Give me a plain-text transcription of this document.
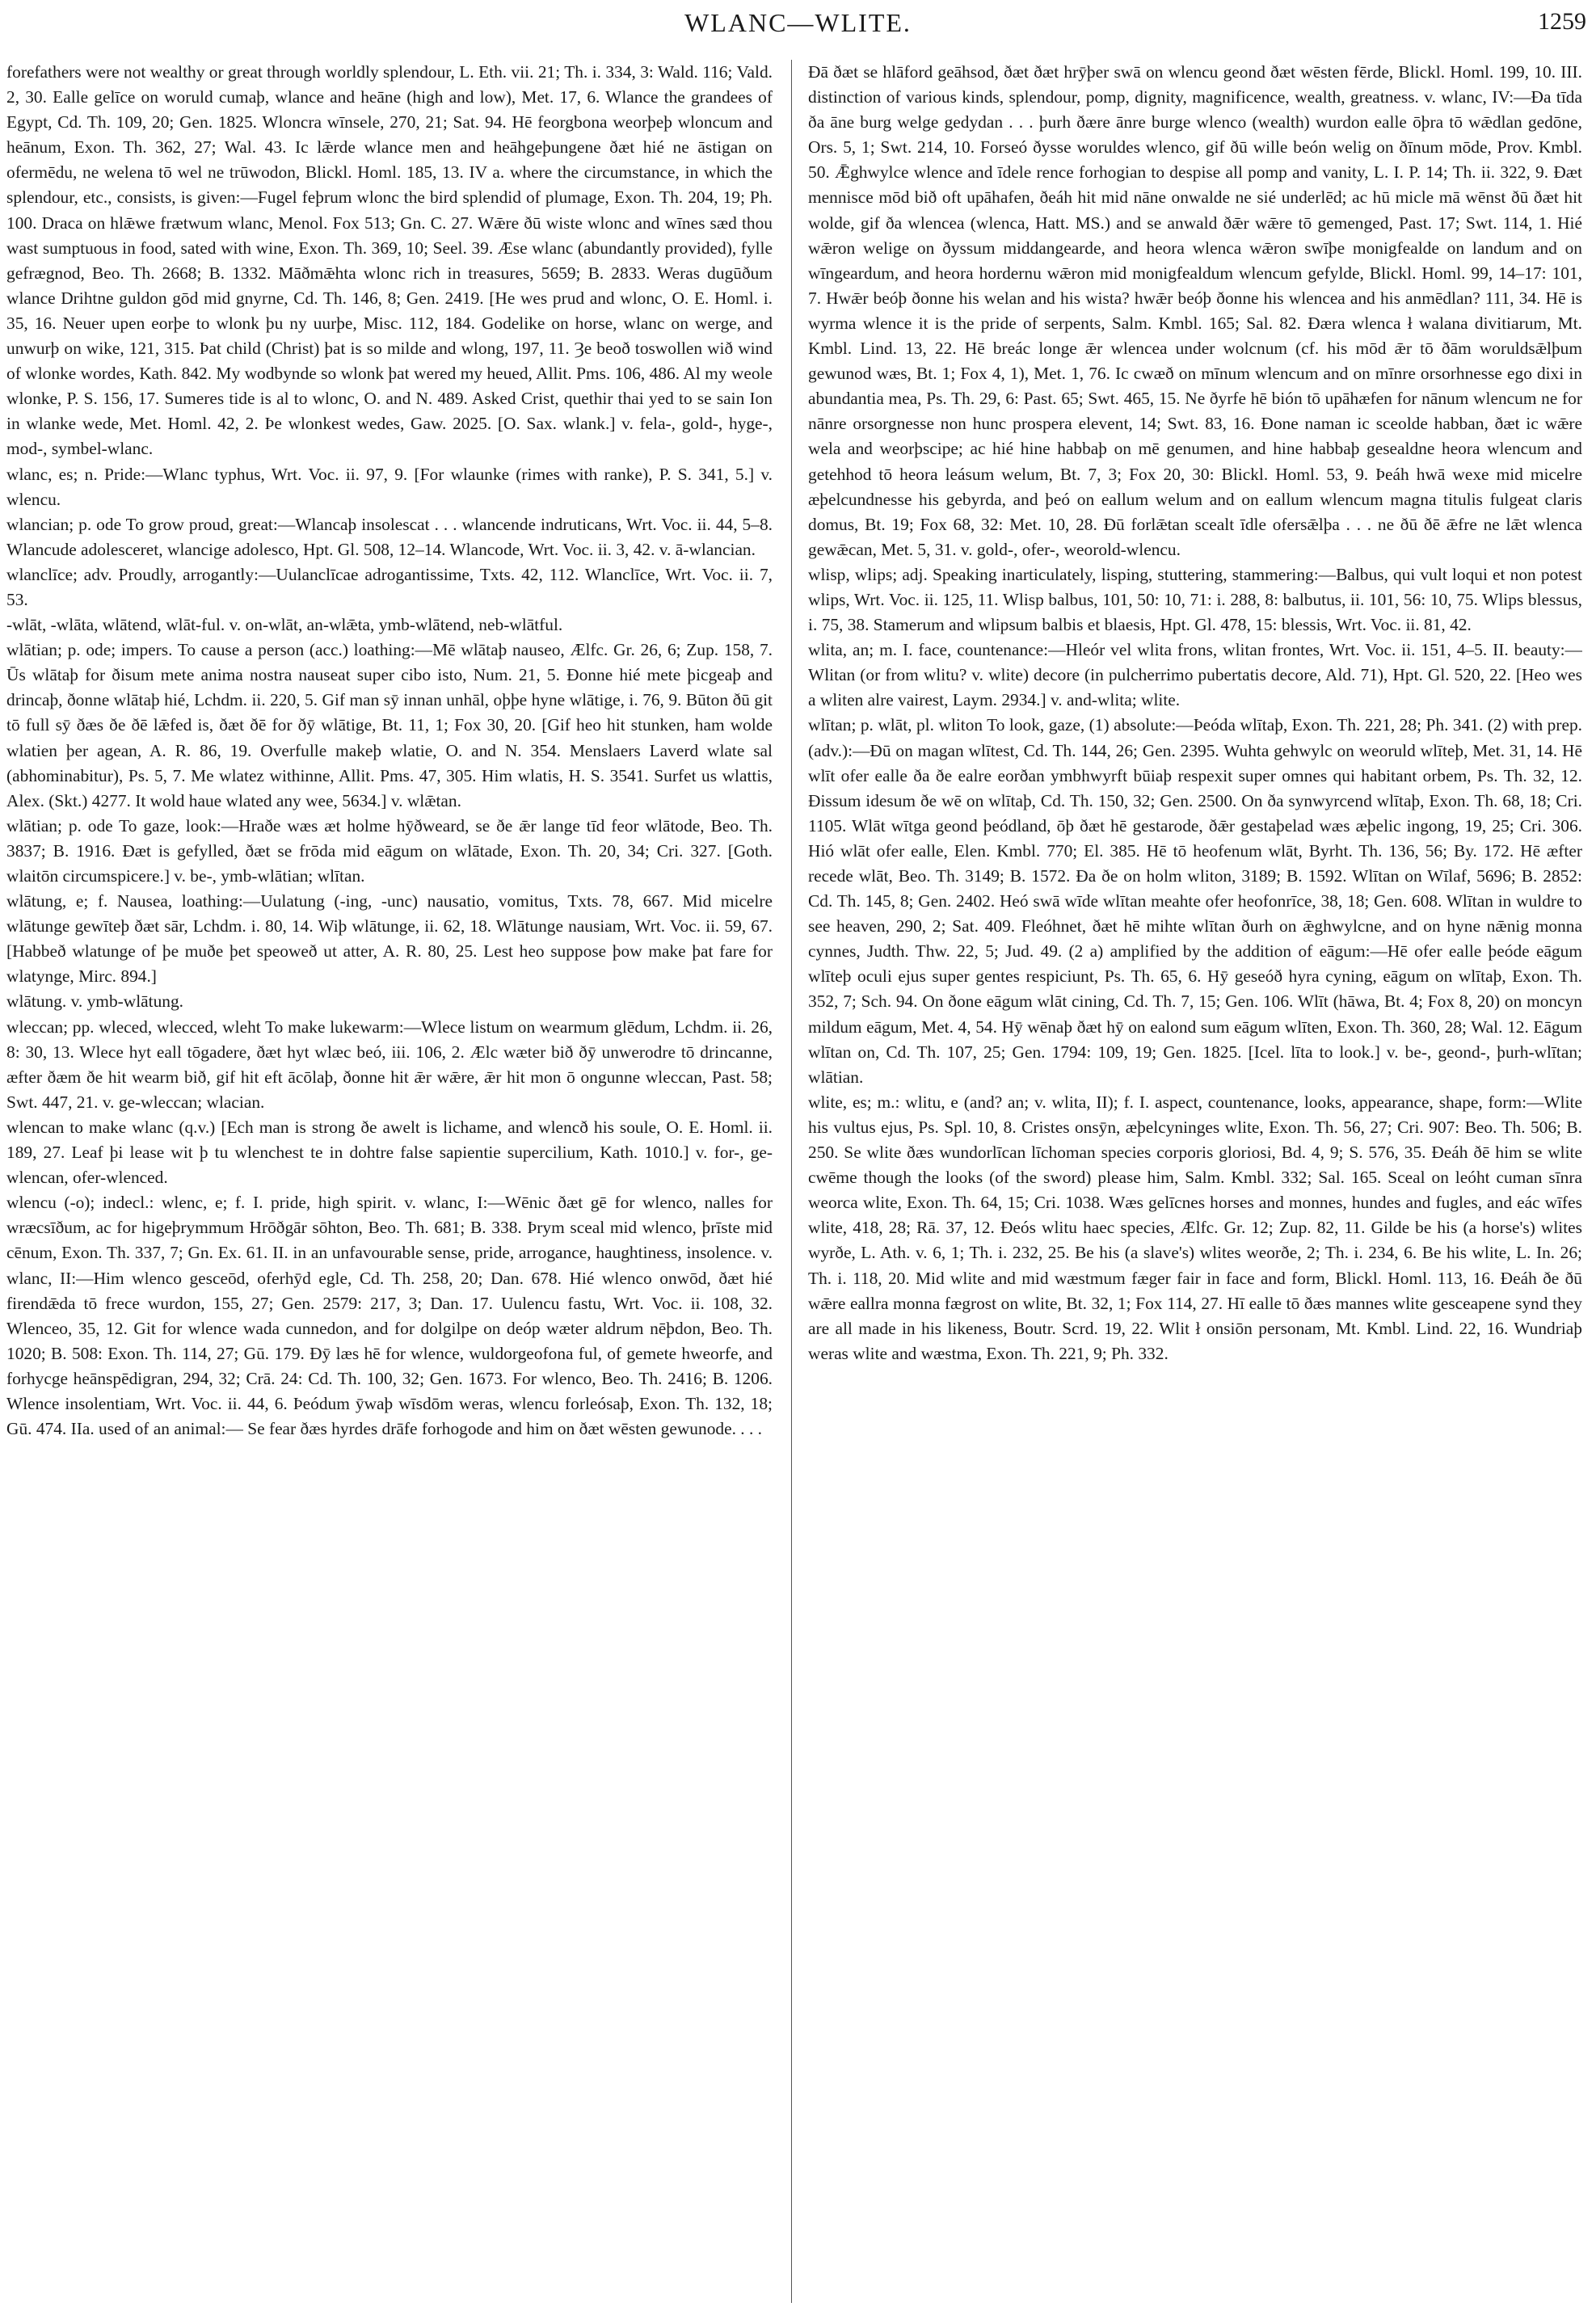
WLANC—WLITE.	1259

forefathers were not wealthy or great through worldly splendour, L. Eth. vii. 21; Th. i. 334, 3: Wald. 116; Vald. 2, 30. Ealle gelīce on woruld cumaþ, wlance and heāne (high and low), Met. 17, 6. Wlance the grandees of Egypt, Cd. Th. 109, 20; Gen. 1825. Wloncra wīnsele, 270, 21; Sat. 94. Hē feorgbona weorþeþ wloncum and heānum, Exon. Th. 362, 27; Wal. 43. Ic lǣrde wlance men and heāhgeþungene ðæt hié ne āstigan on ofermēdu, ne welena tō wel ne trūwodon, Blickl. Homl. 185, 13. IV a. where the circumstance, in which the splendour, etc., consists, is given:—Fugel feþrum wlonc the bird splendid of plumage, Exon. Th. 204, 19; Ph. 100. Draca on hlǣwe frætwum wlanc, Menol. Fox 513; Gn. C. 27. Wǣre ðū wiste wlonc and wīnes sæd thou wast sumptuous in food, sated with wine, Exon. Th. 369, 10; Seel. 39. Æse wlanc (abundantly provided), fylle gefrægnod, Beo. Th. 2668; B. 1332. Māðmǣhta wlonc rich in treasures, 5659; B. 2833. Weras dugūðum wlance Drihtne guldon gōd mid gnyrne, Cd. Th. 146, 8; Gen. 2419. [He wes prud and wlonc, O. E. Homl. i. 35, 16. Neuer upen eorþe to wlonk þu ny uurþe, Misc. 112, 184. Godelike on horse, wlanc on werge, and unwurþ on wike, 121, 315. Þat child (Christ) þat is so milde and wlong, 197, 11. Ȝe beoð toswollen wið wind of wlonke wordes, Kath. 842. My wodbynde so wlonk þat wered my heued, Allit. Pms. 106, 486. Al my weole wlonke, P. S. 156, 17. Sumeres tide is al to wlonc, O. and N. 489. Asked Crist, quethir thai yed to se sain Ion in wlanke wede, Met. Homl. 42, 2. Þe wlonkest wedes, Gaw. 2025. [O. Sax. wlank.] v. fela-, gold-, hyge-, mod-, symbel-wlanc.

wlanc, es; n. Pride:—Wlanc typhus, Wrt. Voc. ii. 97, 9. [For wlaunke (rimes with ranke), P. S. 341, 5.] v. wlencu.

wlancian; p. ode To grow proud, great:—Wlancaþ insolescat . . . wlancende indruticans, Wrt. Voc. ii. 44, 5–8. Wlancude adolesceret, wlancige adolesco, Hpt. Gl. 508, 12–14. Wlancode, Wrt. Voc. ii. 3, 42. v. ā-wlancian.

wlanclīce; adv. Proudly, arrogantly:—Uulanclīcae adrogantissime, Txts. 42, 112. Wlanclīce, Wrt. Voc. ii. 7, 53.

-wlāt, -wlāta, wlātend, wlāt-ful. v. on-wlāt, an-wlǣta, ymb-wlātend, neb-wlātful.

wlātian; p. ode; impers. To cause a person (acc.) loathing:—Mē wlātaþ nauseo, Ælfc. Gr. 26, 6; Zup. 158, 7. Ūs wlātaþ for ðisum mete anima nostra nauseat super cibo isto, Num. 21, 5. Ðonne hié mete þicgeaþ and drincaþ, ðonne wlātaþ hié, Lchdm. ii. 220, 5. Gif man sȳ innan unhāl, oþþe hyne wlātige, i. 76, 9. Būton ðū git tō full sȳ ðæs ðe ðē lǣfed is, ðæt ðē for ðȳ wlātige, Bt. 11, 1; Fox 30, 20. [Gif heo hit stunken, ham wolde wlatien þer agean, A. R. 86, 19. Overfulle makeþ wlatie, O. and N. 354. Menslaers Laverd wlate sal (abhominabitur), Ps. 5, 7. Me wlatez withinne, Allit. Pms. 47, 305. Him wlatis, H. S. 3541. Surfet us wlattis, Alex. (Skt.) 4277. It wold haue wlated any wee, 5634.] v. wlǣtan.

wlātian; p. ode To gaze, look:—Hraðe wæs æt holme hȳðweard, se ðe ǣr lange tīd feor wlātode, Beo. Th. 3837; B. 1916. Ðæt is gefylled, ðæt se frōda mid eāgum on wlātade, Exon. Th. 20, 34; Cri. 327. [Goth. wlaitōn circumspicere.] v. be-, ymb-wlātian; wlītan.

wlātung, e; f. Nausea, loathing:—Uulatung (-ing, -unc) nausatio, vomitus, Txts. 78, 667. Mid micelre wlātunge gewīteþ ðæt sār, Lchdm. i. 80, 14. Wiþ wlātunge, ii. 62, 18. Wlātunge nausiam, Wrt. Voc. ii. 59, 67. [Habbeð wlatunge of þe muðe þet speoweð ut atter, A. R. 80, 25. Lest heo suppose þow make þat fare for wlatynge, Mirc. 894.]

wlātung. v. ymb-wlātung.

wleccan; pp. wleced, wlecced, wleht To make lukewarm:—Wlece listum on wearmum glēdum, Lchdm. ii. 26, 8: 30, 13. Wlece hyt eall tōgadere, ðæt hyt wlæc beó, iii. 106, 2. Ælc wæter bið ðȳ unwerodre tō drincanne, æfter ðæm ðe hit wearm bið, gif hit eft ācōlaþ, ðonne hit ǣr wǣre, ǣr hit mon ō ongunne wleccan, Past. 58; Swt. 447, 21. v. ge-wleccan; wlacian.

wlencan to make wlanc (q.v.) [Ech man is strong ðe awelt is lichame, and wlencð his soule, O. E. Homl. ii. 189, 27. Leaf þi lease wit þ tu wlenchest te in dohtre false sapientie supercilium, Kath. 1010.] v. for-, ge-wlencan, ofer-wlenced.

wlencu (-o); indecl.: wlenc, e; f. I. pride, high spirit. v. wlanc, I:—Wēnic ðæt gē for wlenco, nalles for wræcsīðum, ac for higeþrymmum Hrōðgār sōhton, Beo. Th. 681; B. 338. Þrym sceal mid wlenco, þrīste mid cēnum, Exon. Th. 337, 7; Gn. Ex. 61. II. in an unfavourable sense, pride, arrogance, haughtiness, insolence. v. wlanc, II:—Him wlenco gesceōd, oferhȳd egle, Cd. Th. 258, 20; Dan. 678. Hié wlenco onwōd, ðæt hié firendǣda tō frece wurdon, 155, 27; Gen. 2579: 217, 3; Dan. 17. Uulencu fastu, Wrt. Voc. ii. 108, 32. Wlenceo, 35, 12. Git for wlence wada cunnedon, and for dolgilpe on deóp wæter aldrum nēþdon, Beo. Th. 1020; B. 508: Exon. Th. 114, 27; Gū. 179. Ðȳ læs hē for wlence, wuldorgeofona ful, of gemete hweorfe, and forhycge heānspēdigran, 294, 32; Crā. 24: Cd. Th. 100, 32; Gen. 1673. For wlenco, Beo. Th. 2416; B. 1206. Wlence insolentiam, Wrt. Voc. ii. 44, 6. Þeódum ȳwaþ wīsdōm weras, wlencu forleósaþ, Exon. Th. 132, 18; Gū. 474. IIa. used of an animal:— Se fear ðæs hyrdes drāfe forhogode and him on ðæt wēsten gewunode. . . .

Ðā ðæt se hlāford geāhsod, ðæt ðæt hrȳþer swā on wlencu geond ðæt wēsten fērde, Blickl. Homl. 199, 10. III. distinction of various kinds, splendour, pomp, dignity, magnificence, wealth, greatness. v. wlanc, IV:—Ða tīda ða āne burg welge gedydan . . . þurh ðære ānre burge wlenco (wealth) wurdon ealle ōþra tō wǣdlan gedōne, Ors. 5, 1; Swt. 214, 10. Forseó ðysse woruldes wlenco, gif ðū wille beón welig on ðīnum mōde, Prov. Kmbl. 50. Ǣghwylce wlence and īdele rence forhogian to despise all pomp and vanity, L. I. P. 14; Th. ii. 322, 9. Ðæt mennisce mōd bið oft upāhafen, ðeáh hit mid nāne onwalde ne sié underlēd; ac hū micle mā wēnst ðū ðæt hit wolde, gif ða wlencea (wlenca, Hatt. MS.) and se anwald ðǣr wǣre tō gemenged, Past. 17; Swt. 114, 1. Hié wǣron welige on ðyssum middangearde, and heora wlenca wǣron swīþe monigfealde on landum and on wīngeardum, and heora hordernu wǣron mid monigfealdum wlencum gefylde, Blickl. Homl. 99, 14–17: 101, 7. Hwǣr beóþ ðonne his welan and his wista? hwǣr beóþ ðonne his wlencea and his anmēdlan? 111, 34. Hē is wyrma wlence it is the pride of serpents, Salm. Kmbl. 165; Sal. 82. Ðæra wlenca ł walana divitiarum, Mt. Kmbl. Lind. 13, 22. Hē breác longe ǣr wlencea under wolcnum (cf. his mōd ǣr tō ðām woruldsǣlþum gewunod wæs, Bt. 1; Fox 4, 1), Met. 1, 76. Ic cwæð on mīnum wlencum and on mīnre orsorhnesse ego dixi in abundantia mea, Ps. Th. 29, 6: Past. 65; Swt. 465, 15. Ne ðyrfe hē bión tō upāhæfen for nānum wlencum ne for nānre orsorgnesse non hunc prospera elevent, 14; Swt. 83, 16. Ðone naman ic sceolde habban, ðæt ic wǣre wela and weorþscipe; ac hié hine habbaþ on mē genumen, and hine habbaþ gesealdne heora wlencum and getehhod tō heora leásum welum, Bt. 7, 3; Fox 20, 30: Blickl. Homl. 53, 9. Þeáh hwā wexe mid micelre æþelcundnesse his gebyrda, and þeó on eallum welum and on eallum wlencum magna titulis fulgeat claris domus, Bt. 19; Fox 68, 32: Met. 10, 28. Ðū forlǣtan scealt īdle ofersǣlþa . . . ne ðū ðē ǣfre ne lǣt wlenca gewǣcan, Met. 5, 31. v. gold-, ofer-, weorold-wlencu.

wlisp, wlips; adj. Speaking inarticulately, lisping, stuttering, stammering:—Balbus, qui vult loqui et non potest wlips, Wrt. Voc. ii. 125, 11. Wlisp balbus, 101, 50: 10, 71: i. 288, 8: balbutus, ii. 101, 56: 10, 75. Wlips blessus, i. 75, 38. Stamerum and wlipsum balbis et blaesis, Hpt. Gl. 478, 15: blessis, Wrt. Voc. ii. 81, 42.

wlita, an; m. I. face, countenance:—Hleór vel wlita frons, wlitan frontes, Wrt. Voc. ii. 151, 4–5. II. beauty:—Wlitan (or from wlitu? v. wlite) decore (in pulcherrimo pubertatis decore, Ald. 71), Hpt. Gl. 520, 22. [Heo wes a wliten alre vairest, Laym. 2934.] v. and-wlita; wlite.

wlītan; p. wlāt, pl. wliton To look, gaze, (1) absolute:—Þeóda wlītaþ, Exon. Th. 221, 28; Ph. 341. (2) with prep. (adv.):—Ðū on magan wlītest, Cd. Th. 144, 26; Gen. 2395. Wuhta gehwylc on weoruld wlīteþ, Met. 31, 14. Hē wlīt ofer ealle ða ðe ealre eorðan ymbhwyrft būiaþ respexit super omnes qui habitant orbem, Ps. Th. 32, 12. Ðissum idesum ðe wē on wlītaþ, Cd. Th. 150, 32; Gen. 2500. On ða synwyrcend wlītaþ, Exon. Th. 68, 18; Cri. 1105. Wlāt wītga geond þeódland, ōþ ðæt hē gestarode, ðǣr gestaþelad wæs æþelic ingong, 19, 25; Cri. 306. Hió wlāt ofer ealle, Elen. Kmbl. 770; El. 385. Hē tō heofenum wlāt, Byrht. Th. 136, 56; By. 172. Hē æfter recede wlāt, Beo. Th. 3149; B. 1572. Ða ðe on holm wliton, 3189; B. 1592. Wlītan on Wīlaf, 5696; B. 2852: Cd. Th. 145, 8; Gen. 2402. Heó swā wīde wlītan meahte ofer heofonrīce, 38, 18; Gen. 608. Wlītan in wuldre to see heaven, 290, 2; Sat. 409. Fleóhnet, ðæt hē mihte wlītan ðurh on ǣghwylcne, and on hyne nǣnig monna cynnes, Judth. Thw. 22, 5; Jud. 49. (2 a) amplified by the addition of eāgum:—Hē ofer ealle þeóde eāgum wlīteþ oculi ejus super gentes respiciunt, Ps. Th. 65, 6. Hȳ geseóð hyra cyning, eāgum on wlītaþ, Exon. Th. 352, 7; Sch. 94. On ðone eāgum wlāt cining, Cd. Th. 7, 15; Gen. 106. Wlīt (hāwa, Bt. 4; Fox 8, 20) on moncyn mildum eāgum, Met. 4, 54. Hȳ wēnaþ ðæt hȳ on ealond sum eāgum wlīten, Exon. Th. 360, 28; Wal. 12. Eāgum wlītan on, Cd. Th. 107, 25; Gen. 1794: 109, 19; Gen. 1825. [Icel. līta to look.] v. be-, geond-, þurh-wlītan; wlātian.

wlite, es; m.: wlitu, e (and? an; v. wlita, II); f. I. aspect, countenance, looks, appearance, shape, form:—Wlite his vultus ejus, Ps. Spl. 10, 8. Cristes onsȳn, æþelcyninges wlite, Exon. Th. 56, 27; Cri. 907: Beo. Th. 506; B. 250. Se wlite ðæs wundorlīcan līchoman species corporis gloriosi, Bd. 4, 9; S. 576, 35. Ðeáh ðē him se wlite cwēme though the looks (of the sword) please him, Salm. Kmbl. 332; Sal. 165. Sceal on leóht cuman sīnra weorca wlite, Exon. Th. 64, 15; Cri. 1038. Wæs gelīcnes horses and monnes, hundes and fugles, and eác wīfes wlite, 418, 28; Rā. 37, 12. Ðeós wlitu haec species, Ælfc. Gr. 12; Zup. 82, 11. Gilde be his (a horse's) wlites wyrðe, L. Ath. v. 6, 1; Th. i. 232, 25. Be his (a slave's) wlites weorðe, 2; Th. i. 234, 6. Be his wlite, L. In. 26; Th. i. 118, 20. Mid wlite and mid wæstmum fæger fair in face and form, Blickl. Homl. 113, 16. Ðeáh ðe ðū wǣre eallra monna fægrost on wlite, Bt. 32, 1; Fox 114, 27. Hī ealle tō ðæs mannes wlite gesceapene synd they are all made in his likeness, Boutr. Scrd. 19, 22. Wlit ł onsiōn personam, Mt. Kmbl. Lind. 22, 16. Wundriaþ weras wlite and wæstma, Exon. Th. 221, 9; Ph. 332.
